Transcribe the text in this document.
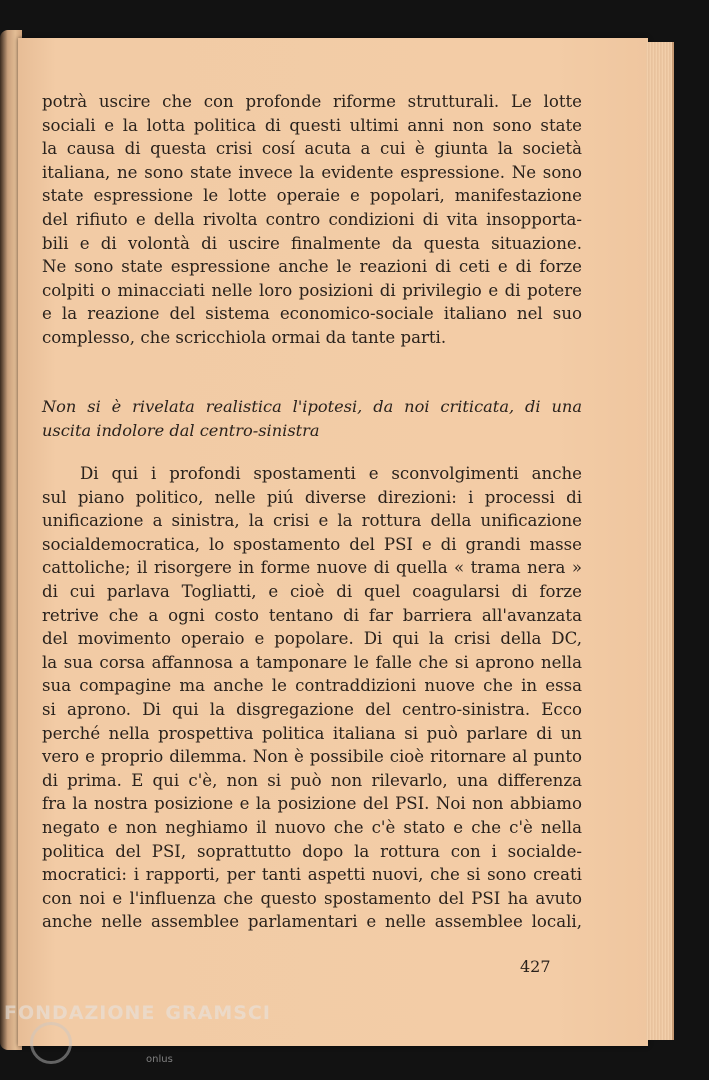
potrà uscire che con profonde riforme strutturali. Le lotte
sociali e la lotta politica di questi ultimi anni non sono state
la causa di questa crisi cosí acuta a cui è giunta la società
italiana, ne sono state invece la evidente espressione. Ne sono
state espressione le lotte operaie e popolari, manifestazione
del rifiuto e della rivolta contro condizioni di vita insopporta-
bili e di volontà di uscire finalmente da questa situazione.
Ne sono state espressione anche le reazioni di ceti e di forze
colpiti o minacciati nelle loro posizioni di privilegio e di potere
e la reazione del sistema economico-sociale italiano nel suo
complesso, che scricchiola ormai da tante parti.
Non si è rivelata realistica l'ipotesi, da noi criticata, di una
uscita indolore dal centro-sinistra
Di qui i profondi spostamenti e sconvolgimenti anche
sul piano politico, nelle piú diverse direzioni: i processi di
unificazione a sinistra, la crisi e la rottura della unificazione
socialdemocratica, lo spostamento del PSI e di grandi masse
cattoliche; il risorgere in forme nuove di quella « trama nera »
di cui parlava Togliatti, e cioè di quel coagularsi di forze
retrive che a ogni costo tentano di far barriera all'avanzata
del movimento operaio e popolare. Di qui la crisi della DC,
la sua corsa affannosa a tamponare le falle che si aprono nella
sua compagine ma anche le contraddizioni nuove che in essa
si aprono. Di qui la disgregazione del centro-sinistra. Ecco
perché nella prospettiva politica italiana si può parlare di un
vero e proprio dilemma. Non è possibile cioè ritornare al punto
di prima. E qui c'è, non si può non rilevarlo, una differenza
fra la nostra posizione e la posizione del PSI. Noi non abbiamo
negato e non neghiamo il nuovo che c'è stato e che c'è nella
politica del PSI, soprattutto dopo la rottura con i socialde-
mocratici: i rapporti, per tanti aspetti nuovi, che si sono creati
con noi e l'influenza che questo spostamento del PSI ha avuto
anche nelle assemblee parlamentari e nelle assemblee locali,
427
FONDAZIONE GRAMSCI
onlus
